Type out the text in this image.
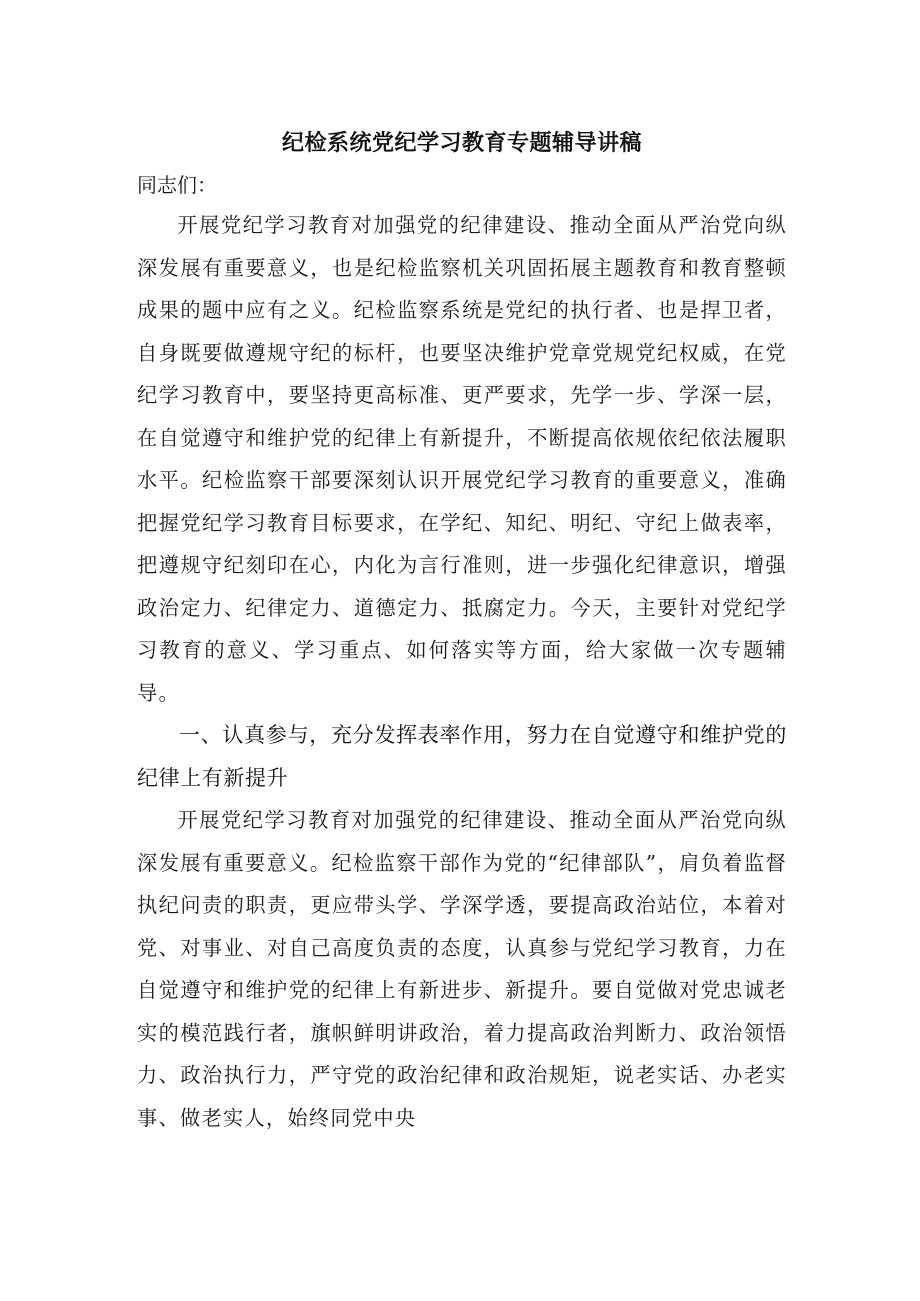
纪检系统党纪学习教育专题辅导讲稿

同志们：

开展党纪学习教育对加强党的纪律建设、推动全面从严治党向纵深发展有重要意义，也是纪检监察机关巩固拓展主题教育和教育整顿成果的题中应有之义。纪检监察系统是党纪的执行者、也是捍卫者，自身既要做遵规守纪的标杆，也要坚决维护党章党规党纪权威，在党纪学习教育中，要坚持更高标准、更严要求，先学一步、学深一层，在自觉遵守和维护党的纪律上有新提升，不断提高依规依纪依法履职水平。纪检监察干部要深刻认识开展党纪学习教育的重要意义，准确把握党纪学习教育目标要求，在学纪、知纪、明纪、守纪上做表率，把遵规守纪刻印在心，内化为言行准则，进一步强化纪律意识，增强政治定力、纪律定力、道德定力、抵腐定力。今天，主要针对党纪学习教育的意义、学习重点、如何落实等方面，给大家做一次专题辅导。

一、认真参与，充分发挥表率作用，努力在自觉遵守和维护党的纪律上有新提升

开展党纪学习教育对加强党的纪律建设、推动全面从严治党向纵深发展有重要意义。纪检监察干部作为党的“纪律部队”，肩负着监督执纪问责的职责，更应带头学、学深学透，要提高政治站位，本着对党、对事业、对自己高度负责的态度，认真参与党纪学习教育，力在自觉遵守和维护党的纪律上有新进步、新提升。要自觉做对党忠诚老实的模范践行者，旗帜鲜明讲政治，着力提高政治判断力、政治领悟力、政治执行力，严守党的政治纪律和政治规矩，说老实话、办老实事、做老实人，始终同党中央
